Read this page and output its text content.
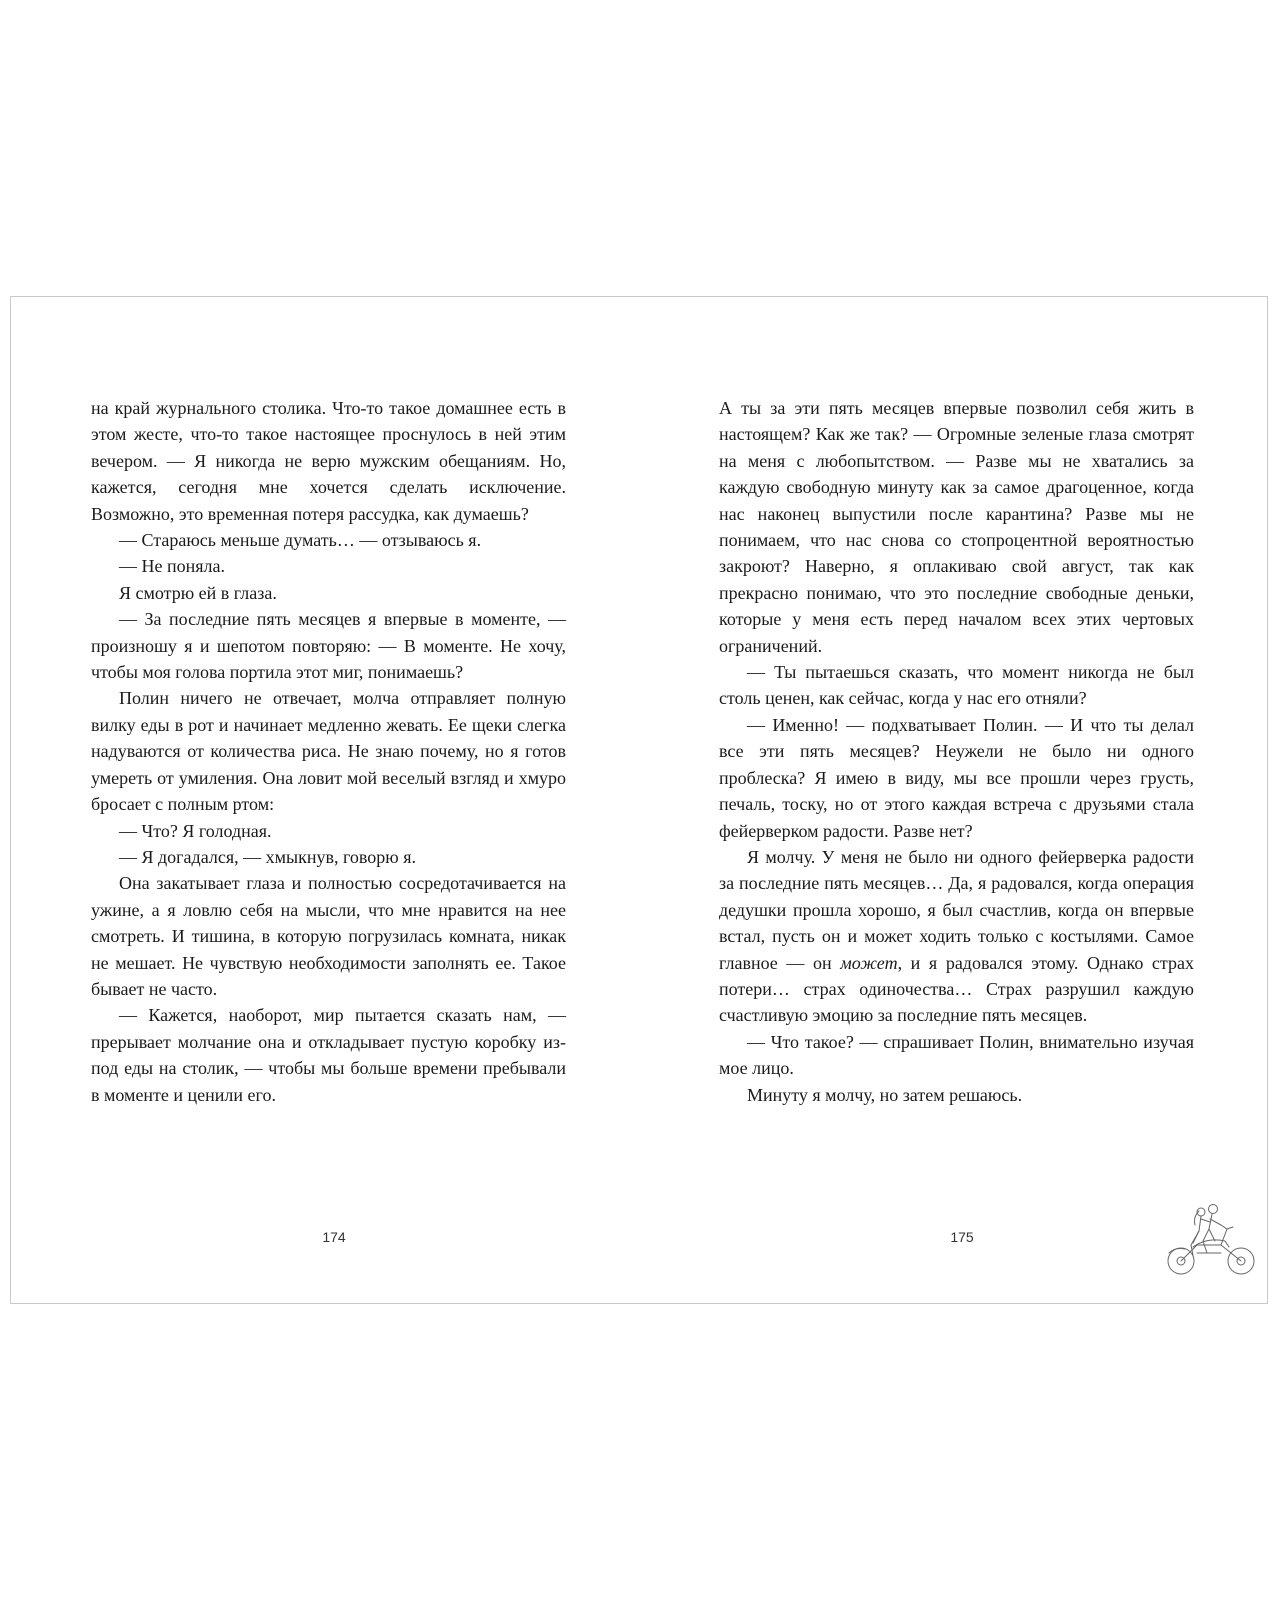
на край журнального столика. Что-то такое домашнее есть в этом жесте, что-то такое настоящее проснулось в ней этим вечером. — Я никогда не верю мужским обещаниям. Но, кажется, сегодня мне хочется сделать исключение. Возможно, это временная потеря рассудка, как думаешь?

— Стараюсь меньше думать… — отзываюсь я.

— Не поняла.

Я смотрю ей в глаза.

— За последние пять месяцев я впервые в моменте, — произношу я и шепотом повторяю: — В моменте. Не хочу, чтобы моя голова портила этот миг, понимаешь?

Полин ничего не отвечает, молча отправляет полную вилку еды в рот и начинает медленно жевать. Ее щеки слегка надуваются от количества риса. Не знаю почему, но я готов умереть от умиления. Она ловит мой веселый взгляд и хмуро бросает с полным ртом:

— Что? Я голодная.

— Я догадался, — хмыкнув, говорю я.

Она закатывает глаза и полностью сосредотачивается на ужине, а я ловлю себя на мысли, что мне нравится на нее смотреть. И тишина, в которую погрузилась комната, никак не мешает. Не чувствую необходимости заполнять ее. Такое бывает не часто.

— Кажется, наоборот, мир пытается сказать нам, — прерывает молчание она и откладывает пустую коробку из-под еды на столик, — чтобы мы больше времени пребывали в моменте и ценили его.

А ты за эти пять месяцев впервые позволил себя жить в настоящем? Как же так? — Огромные зеленые глаза смотрят на меня с любопытством. — Разве мы не хватались за каждую свободную минуту как за самое драгоценное, когда нас наконец выпустили после карантина? Разве мы не понимаем, что нас снова со стопроцентной вероятностью закроют? Наверно, я оплакиваю свой август, так как прекрасно понимаю, что это последние свободные деньки, которые у меня есть перед началом всех этих чертовых ограничений.

— Ты пытаешься сказать, что момент никогда не был столь ценен, как сейчас, когда у нас его отняли?

— Именно! — подхватывает Полин. — И что ты делал все эти пять месяцев? Неужели не было ни одного проблеска? Я имею в виду, мы все прошли через грусть, печаль, тоску, но от этого каждая встреча с друзьями стала фейерверком радости. Разве нет?

Я молчу. У меня не было ни одного фейерверка радости за последние пять месяцев… Да, я радовался, когда операция дедушки прошла хорошо, я был счастлив, когда он впервые встал, пусть он и может ходить только с костылями. Самое главное — он может, и я радовался этому. Однако страх потери… страх одиночества… Страх разрушил каждую счастливую эмоцию за последние пять месяцев.

— Что такое? — спрашивает Полин, внимательно изучая мое лицо.

Минуту я молчу, но затем решаюсь.

174	175
